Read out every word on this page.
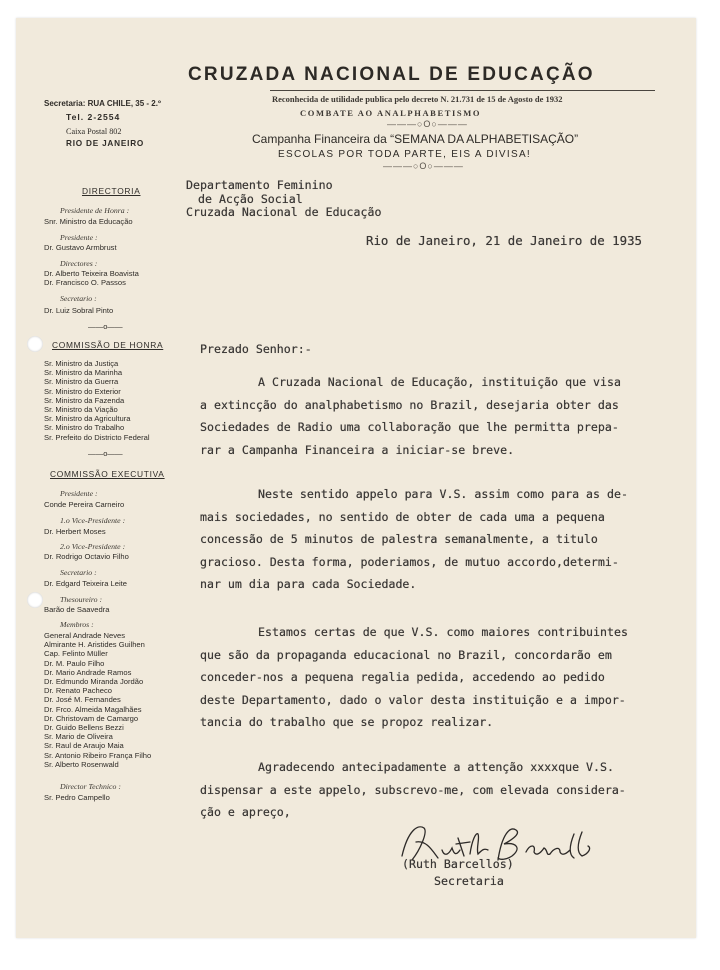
CRUZADA NACIONAL DE EDUCAÇÃO
Reconhecida de utilidade publica pelo decreto N. 21.731 de 15 de Agosto de 1932
COMBATE AO ANALPHABETISMO
———○O○———
Campanha Financeira da “SEMANA DA ALPHABETISAÇÃO”
ESCOLAS POR TODA PARTE, EIS A DIVISA!
———○O○———
Secretaria: RUA CHILE, 35 - 2.º
Tel. 2-2554
Caixa Postal 802
RIO DE JANEIRO
DIRECTORIA
Presidente de Honra :
Snr. Ministro da Educação
Presidente :
Dr. Gustavo Armbrust
Directores :
Dr. Alberto Teixeira Boavista
Dr. Francisco O. Passos
Secretario :
Dr. Luiz Sobral Pinto
——o——
COMMISSÃO DE HONRA
Sr. Ministro da Justiça
Sr. Ministro da Marinha
Sr. Ministro da Guerra
Sr. Ministro do Exterior
Sr. Ministro da Fazenda
Sr. Ministro da Viação
Sr. Ministro da Agricultura
Sr. Ministro do Trabalho
Sr. Prefeito do Districto Federal
——o——
COMMISSÃO EXECUTIVA
Presidente :
Conde Pereira Carneiro
1.o Vice-Presidente :
Dr. Herbert Moses
2.o Vice-Presidente :
Dr. Rodrigo Octavio Filho
Secretario :
Dr. Edgard Teixeira Leite
Thesoureiro :
Barão de Saavedra
Membros :
General Andrade Neves
Almirante H. Aristides Guilhen
Cap. Felinto Müller
Dr. M. Paulo Filho
Dr. Mario Andrade Ramos
Dr. Edmundo Miranda Jordão
Dr. Renato Pacheco
Dr. José M. Fernandes
Dr. Frco. Almeida Magalhães
Dr. Christovam de Camargo
Dr. Guido Bellens Bezzi
Sr. Mario de Oliveira
Sr. Raul de Araujo Maia
Sr. Antonio Ribeiro França Filho
Sr. Alberto Rosenwald
Director Technico :
Sr. Pedro Campello
Departamento Feminino
de Acção Social
Cruzada Nacional de Educação
Rio de Janeiro, 21 de Janeiro de 1935
Prezado Senhor:-
A Cruzada Nacional de Educação, instituição que visa
a extincção do analphabetismo no Brazil, desejaria obter das
Sociedades de Radio uma collaboração que lhe permitta prepa-
rar a Campanha Financeira a iniciar-se breve.
Neste sentido appelo para V.S. assim como para as de-
mais sociedades, no sentido de obter de cada uma a pequena
concessão de 5 minutos de palestra semanalmente, a titulo
gracioso. Desta forma, poderiamos, de mutuo accordo,determi-
nar um dia para cada Sociedade.
Estamos certas de que V.S. como maiores contribuintes
que são da propaganda educacional no Brazil, concordarão em
conceder-nos a pequena regalia pedida, accedendo ao pedido
deste Departamento, dado o valor desta instituição e a impor-
tancia do trabalho que se propoz realizar.
Agradecendo antecipadamente a attenção xxxxque V.S.
dispensar a este appelo, subscrevo-me, com elevada considera-
ção e apreço,
(Ruth Barcellos)
Secretaria
